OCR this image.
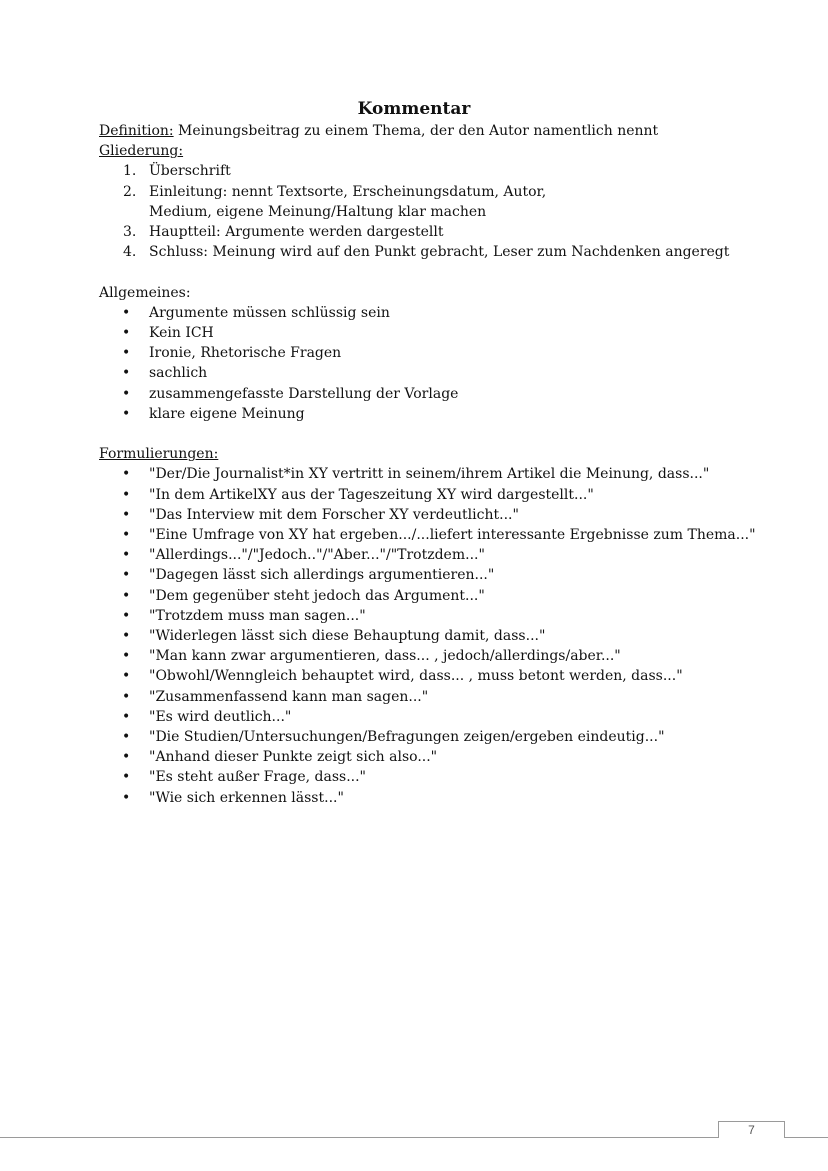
Kommentar
Definition: Meinungsbeitrag zu einem Thema, der den Autor namentlich nennt
Gliederung:
1. Überschrift
2. Einleitung: nennt Textsorte, Erscheinungsdatum, Autor, Medium, eigene Meinung/Haltung klar machen
3. Hauptteil: Argumente werden dargestellt
4. Schluss: Meinung wird auf den Punkt gebracht, Leser zum Nachdenken angeregt
Allgemeines:
• Argumente müssen schlüssig sein
• Kein ICH
• Ironie, Rhetorische Fragen
• sachlich
• zusammengefasste Darstellung der Vorlage
• klare eigene Meinung
Formulierungen:
• "Der/Die Journalist*in XY vertritt in seinem/ihrem Artikel die Meinung, dass..."
• "In dem ArtikelXY aus der Tageszeitung XY wird dargestellt..."
• "Das Interview mit dem Forscher XY verdeutlicht..."
• "Eine Umfrage von XY hat ergeben.../...liefert interessante Ergebnisse zum Thema..."
• "Allerdings..."/"Jedoch.."/"Aber..."/"Trotzdem..."
• "Dagegen lässt sich allerdings argumentieren..."
• "Dem gegenüber steht jedoch das Argument..."
• "Trotzdem muss man sagen..."
• "Widerlegen lässt sich diese Behauptung damit, dass..."
• "Man kann zwar argumentieren, dass... , jedoch/allerdings/aber..."
• "Obwohl/Wenngleich behauptet wird, dass... , muss betont werden, dass..."
• "Zusammenfassend kann man sagen..."
• "Es wird deutlich..."
• "Die Studien/Untersuchungen/Befragungen zeigen/ergeben eindeutig..."
• "Anhand dieser Punkte zeigt sich also..."
• "Es steht außer Frage, dass..."
• "Wie sich erkennen lässt..."
7
